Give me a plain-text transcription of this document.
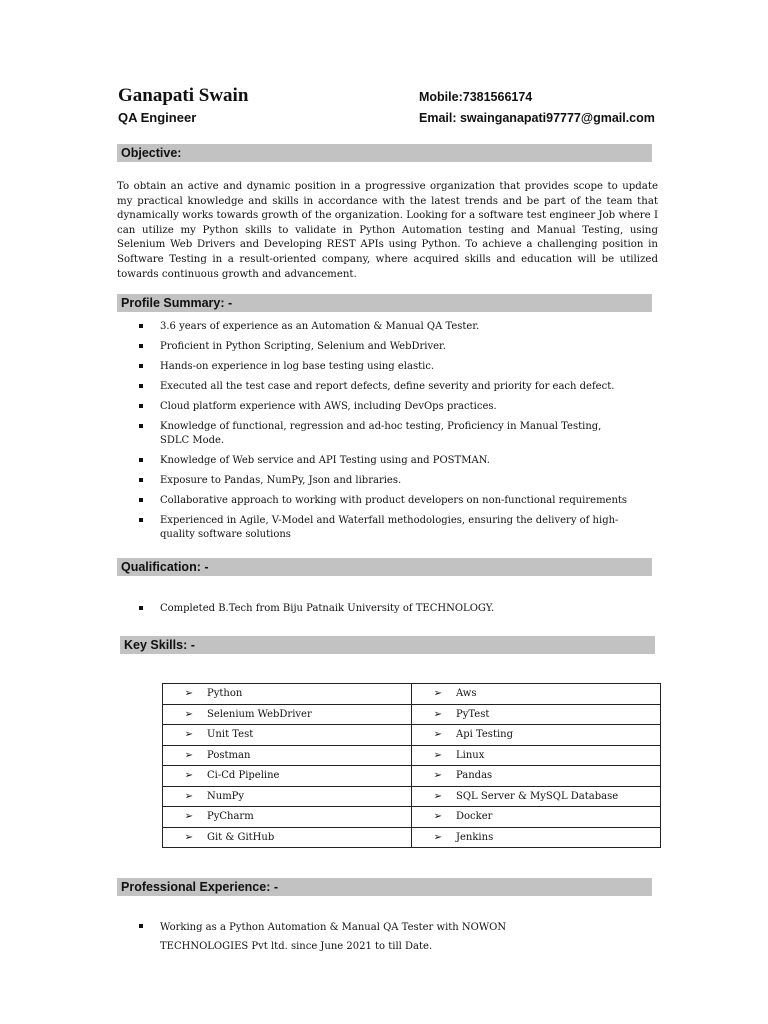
Ganapati Swain
QA Engineer
Mobile:7381566174
Email: swainganapati97777@gmail.com
Objective:

To obtain an active and dynamic position in a progressive organization that provides scope to update my practical knowledge and skills in accordance with the latest trends and be part of the team that dynamically works towards growth of the organization. Looking for a software test engineer Job where I can utilize my Python skills to validate in Python Automation testing and Manual Testing, using Selenium Web Drivers and Developing REST APIs using Python. To achieve a challenging position in Software Testing in a result-oriented company, where acquired skills and education will be utilized towards continuous growth and advancement.

Profile Summary: -
3.6 years of experience as an Automation & Manual QA Tester.
Proficient in Python Scripting, Selenium and WebDriver.
Hands-on experience in log base testing using elastic.
Executed all the test case and report defects, define severity and priority for each defect.
Cloud platform experience with AWS, including DevOps practices.
Knowledge of functional, regression and ad-hoc testing, Proficiency in Manual Testing, SDLC Mode.
Knowledge of Web service and API Testing using and POSTMAN.
Exposure to Pandas, NumPy, Json and libraries.
Collaborative approach to working with product developers on non-functional requirements
Experienced in Agile, V-Model and Waterfall methodologies, ensuring the delivery of high-quality software solutions
Qualification: -
Completed B.Tech from Biju Patnaik University of TECHNOLOGY.
Key Skills: -
➢ Python	➢ Aws
➢ Selenium WebDriver	➢ PyTest
➢ Unit Test	➢ Api Testing
➢ Postman	➢ Linux
➢ Ci-Cd Pipeline	➢ Pandas
➢ NumPy	➢ SQL Server & MySQL Database
➢ PyCharm	➢ Docker
➢ Git & GitHub	➢ Jenkins
Professional Experience: -
Working as a Python Automation & Manual QA Tester with NOWON
TECHNOLOGIES Pvt ltd. since June 2021 to till Date.
